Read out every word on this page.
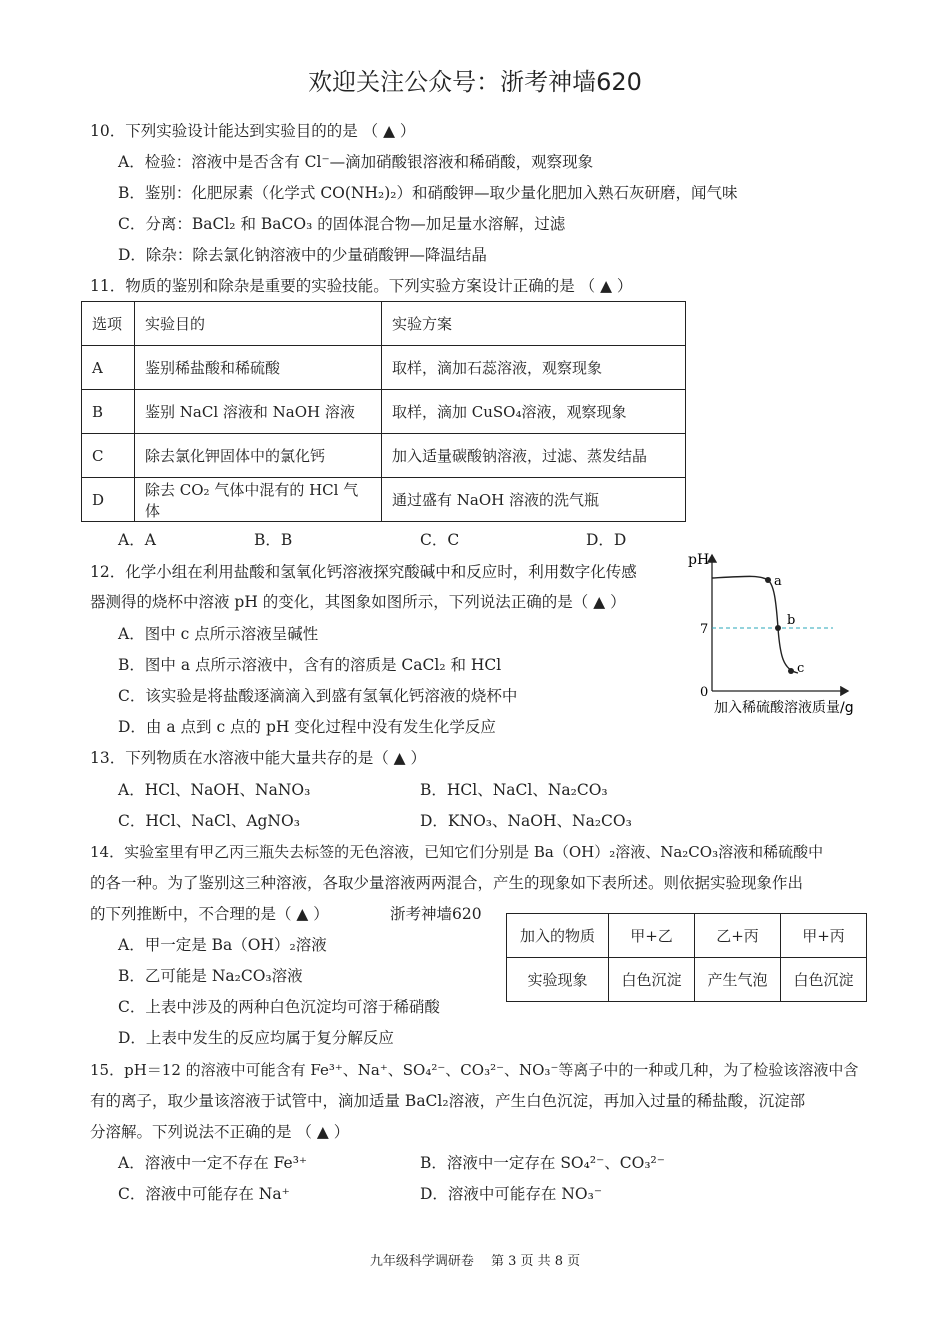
欢迎关注公众号：浙考神墙620
10．下列实验设计能达到实验目的的是 （ ▲ ）
A．检验：溶液中是否含有 Cl⁻—滴加硝酸银溶液和稀硝酸，观察现象
B．鉴别：化肥尿素（化学式 CO(NH₂)₂）和硝酸钾—取少量化肥加入熟石灰研磨，闻气味
C．分离：BaCl₂ 和 BaCO₃ 的固体混合物—加足量水溶解，过滤
D．除杂：除去氯化钠溶液中的少量硝酸钾—降温结晶
11．物质的鉴别和除杂是重要的实验技能。下列实验方案设计正确的是 （ ▲ ）
选项	实验目的	实验方案
A	鉴别稀盐酸和稀硫酸	取样，滴加石蕊溶液，观察现象
B	鉴别 NaCl 溶液和 NaOH 溶液	取样，滴加 CuSO₄溶液，观察现象
C	除去氯化钾固体中的氯化钙	加入适量碳酸钠溶液，过滤、蒸发结晶
D	除去 CO₂ 气体中混有的 HCl 气体	通过盛有 NaOH 溶液的洗气瓶
A．A	B．B	C．C	D．D
12．化学小组在利用盐酸和氢氧化钙溶液探究酸碱中和反应时，利用数字化传感
器测得的烧杯中溶液 pH 的变化，其图象如图所示，下列说法正确的是（ ▲ ）
A．图中 c 点所示溶液呈碱性
B．图中 a 点所示溶液中，含有的溶质是 CaCl₂ 和 HCl
C．该实验是将盐酸逐滴滴入到盛有氢氧化钙溶液的烧杯中
D．由 a 点到 c 点的 pH 变化过程中没有发生化学反应
pH
7
0
a
b
c
加入稀硫酸溶液质量/g
13．下列物质在水溶液中能大量共存的是（ ▲ ）
A．HCl、NaOH、NaNO₃	B．HCl、NaCl、Na₂CO₃
C．HCl、NaCl、AgNO₃	D．KNO₃、NaOH、Na₂CO₃
14．实验室里有甲乙丙三瓶失去标签的无色溶液，已知它们分别是 Ba（OH）₂溶液、Na₂CO₃溶液和稀硫酸中
的各一种。为了鉴别这三种溶液，各取少量溶液两两混合，产生的现象如下表所述。则依据实验现象作出
的下列推断中，不合理的是（ ▲ ）	浙考神墙620
加入的物质	甲+乙	乙+丙	甲+丙
实验现象	白色沉淀	产生气泡	白色沉淀
A．甲一定是 Ba（OH）₂溶液
B．乙可能是 Na₂CO₃溶液
C．上表中涉及的两种白色沉淀均可溶于稀硝酸
D．上表中发生的反应均属于复分解反应
15．pH＝12 的溶液中可能含有 Fe³⁺、Na⁺、SO₄²⁻、CO₃²⁻、NO₃⁻等离子中的一种或几种，为了检验该溶液中含
有的离子，取少量该溶液于试管中，滴加适量 BaCl₂溶液，产生白色沉淀，再加入过量的稀盐酸，沉淀部
分溶解。下列说法不正确的是 （ ▲ ）
A．溶液中一定不存在 Fe³⁺	B．溶液中一定存在 SO₄²⁻、CO₃²⁻
C．溶液中可能存在 Na⁺	D．溶液中可能存在 NO₃⁻
九年级科学调研卷　 第 3 页 共 8 页
